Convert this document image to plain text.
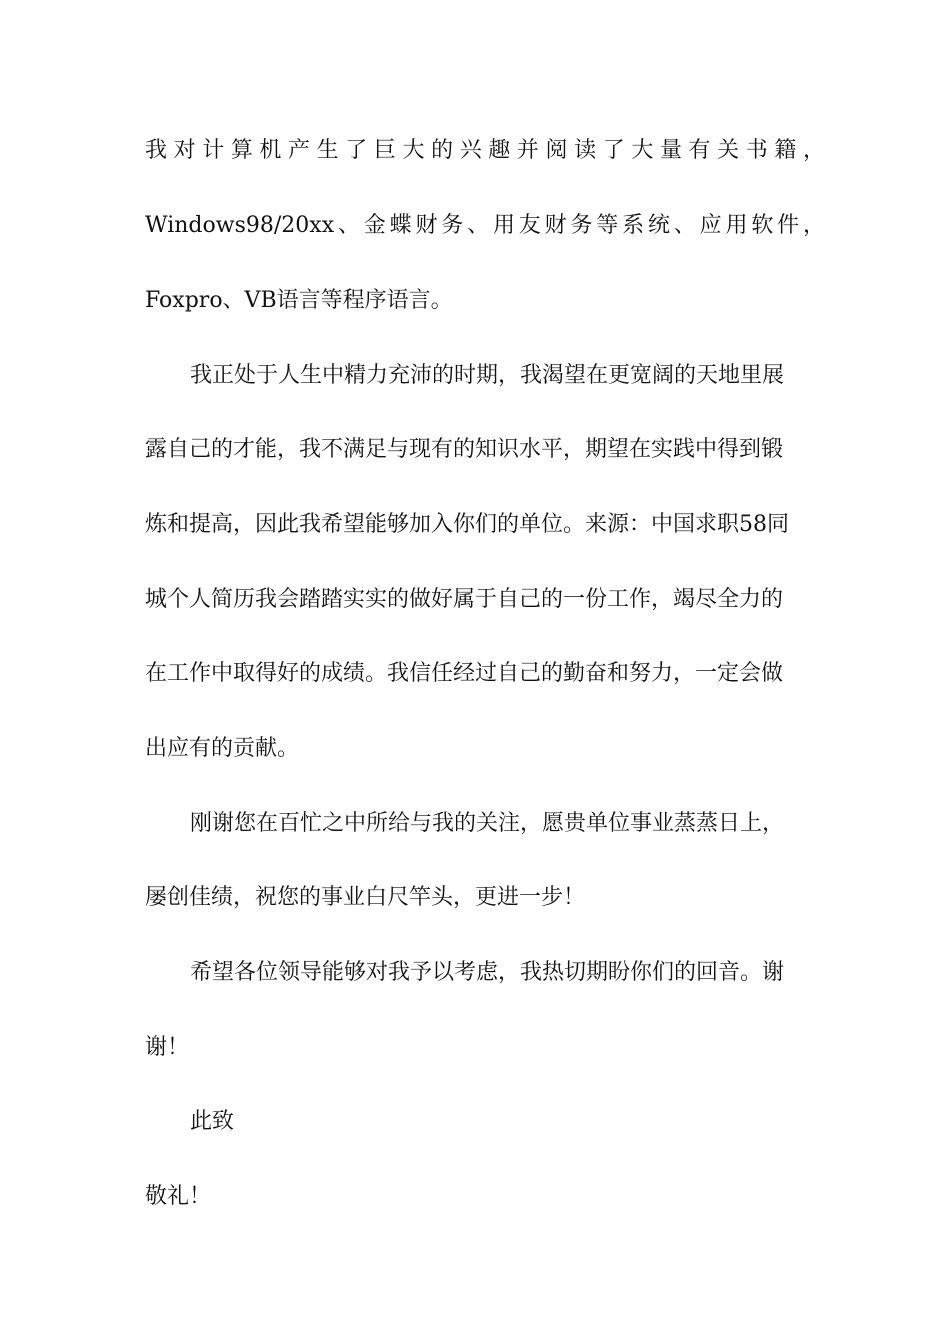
我对计算机产生了巨大的兴趣并阅读了大量有关书籍，
Windows98/20xx、金蝶财务、用友财务等系统、应用软件，
Foxpro、VB语言等程序语言。
我正处于人生中精力充沛的时期，我渴望在更宽阔的天地里展
露自己的才能，我不满足与现有的知识水平，期望在实践中得到锻
炼和提高，因此我希望能够加入你们的单位。来源：中国求职58同
城个人简历我会踏踏实实的做好属于自己的一份工作，竭尽全力的
在工作中取得好的成绩。我信任经过自己的勤奋和努力，一定会做
出应有的贡献。
刚谢您在百忙之中所给与我的关注，愿贵单位事业蒸蒸日上，
屡创佳绩，祝您的事业白尺竿头，更进一步！
希望各位领导能够对我予以考虑，我热切期盼你们的回音。谢
谢！
此致
敬礼！
